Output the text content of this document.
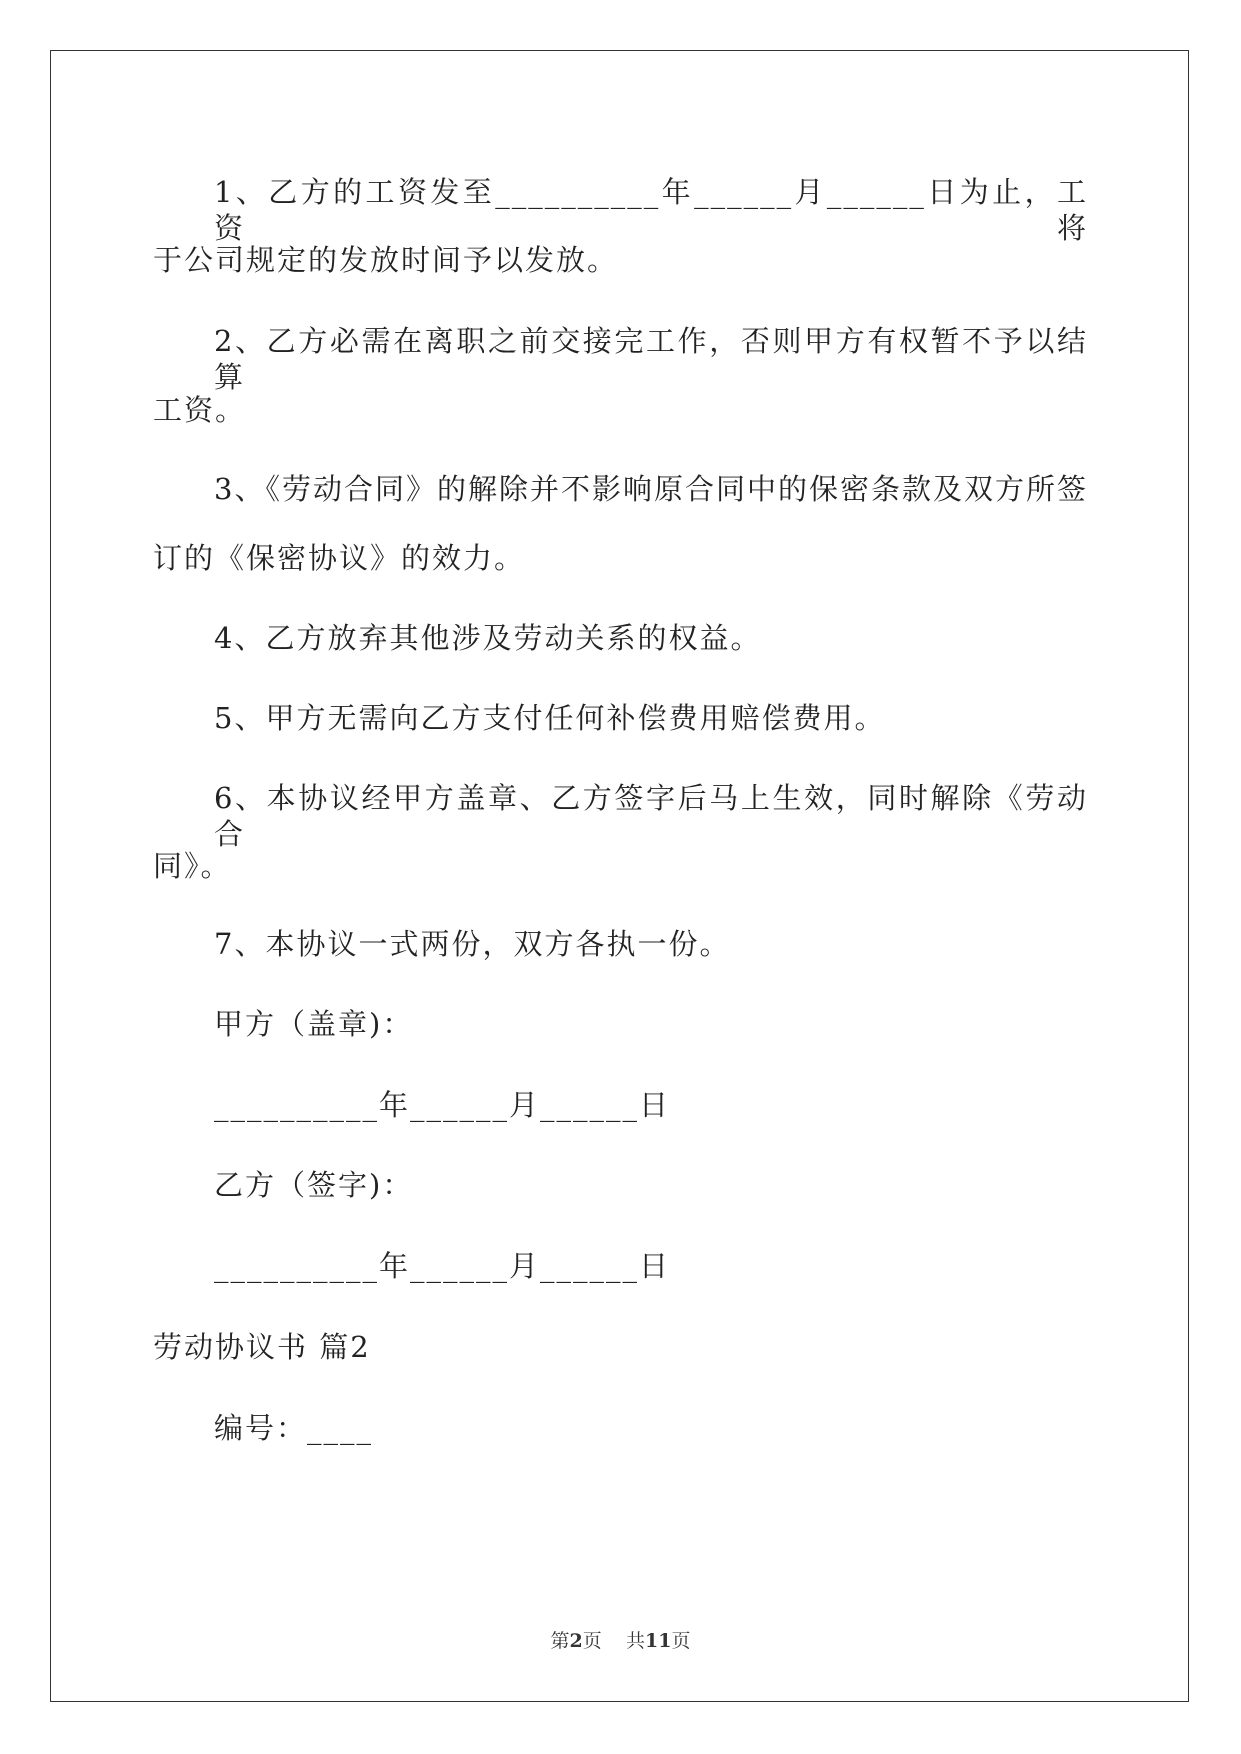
1、乙方的工资发至__________年______月______日为止，工资将
于公司规定的发放时间予以发放。
2、乙方必需在离职之前交接完工作，否则甲方有权暂不予以结算
工资。
3、《劳动合同》的解除并不影响原合同中的保密条款及双方所签
订的《保密协议》的效力。
4、乙方放弃其他涉及劳动关系的权益。
5、甲方无需向乙方支付任何补偿费用赔偿费用。
6、本协议经甲方盖章、乙方签字后马上生效，同时解除《劳动合
同》。
7、本协议一式两份，双方各执一份。
甲方（盖章)：
__________年______月______日
乙方（签字)：
__________年______月______日
劳动协议书 篇2
编号：____
第2页 共11页
